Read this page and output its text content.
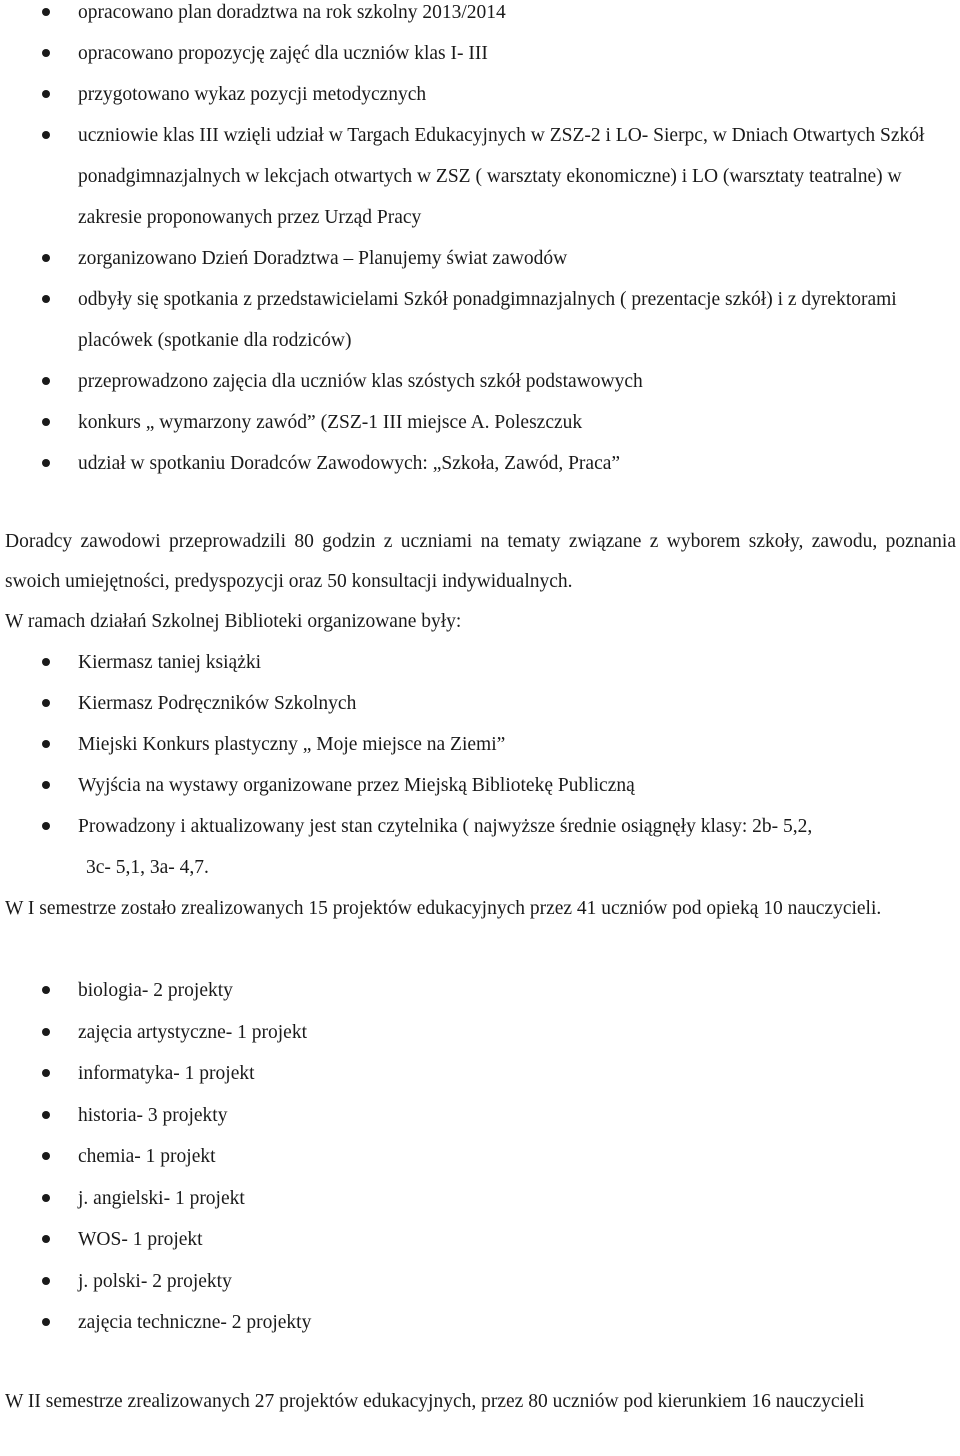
opracowano plan doradztwa na rok szkolny 2013/2014
opracowano propozycję zajęć dla uczniów klas I- III
przygotowano wykaz pozycji metodycznych
uczniowie klas III wzięli udział w Targach Edukacyjnych w ZSZ-2 i LO- Sierpc, w Dniach Otwartych Szkół ponadgimnazjalnych w lekcjach otwartych w ZSZ ( warsztaty ekonomiczne) i LO (warsztaty teatralne) w zakresie proponowanych przez Urząd Pracy
zorganizowano Dzień Doradztwa – Planujemy świat zawodów
odbyły się spotkania z przedstawicielami Szkół ponadgimnazjalnych ( prezentacje szkół) i z dyrektorami placówek (spotkanie dla rodziców)
przeprowadzono zajęcia dla uczniów klas szóstych szkół podstawowych
konkurs „ wymarzony zawód” (ZSZ-1 III miejsce A. Poleszczuk
udział w spotkaniu Doradców Zawodowych: „Szkoła, Zawód, Praca”

Doradcy zawodowi przeprowadzili 80 godzin z uczniami na tematy związane z wyborem szkoły, zawodu, poznania swoich umiejętności, predyspozycji oraz 50 konsultacji indywidualnych.

W ramach działań Szkolnej Biblioteki organizowane były:

Kiermasz taniej książki
Kiermasz Podręczników Szkolnych
Miejski Konkurs plastyczny „ Moje miejsce na Ziemi”
Wyjścia na wystawy organizowane przez Miejską Bibliotekę Publiczną
Prowadzony i aktualizowany jest stan czytelnika ( najwyższe średnie osiągnęły klasy: 2b- 5,2,
3c- 5,1, 3a- 4,7.

W I semestrze zostało zrealizowanych 15 projektów edukacyjnych przez 41 uczniów pod opieką 10 nauczycieli.

biologia- 2 projekty
zajęcia artystyczne- 1 projekt
informatyka- 1 projekt
historia- 3 projekty
chemia- 1 projekt
j. angielski- 1 projekt
WOS- 1 projekt
j. polski- 2 projekty
zajęcia techniczne- 2 projekty

W II semestrze zrealizowanych 27 projektów edukacyjnych, przez 80 uczniów pod kierunkiem 16 nauczycieli
